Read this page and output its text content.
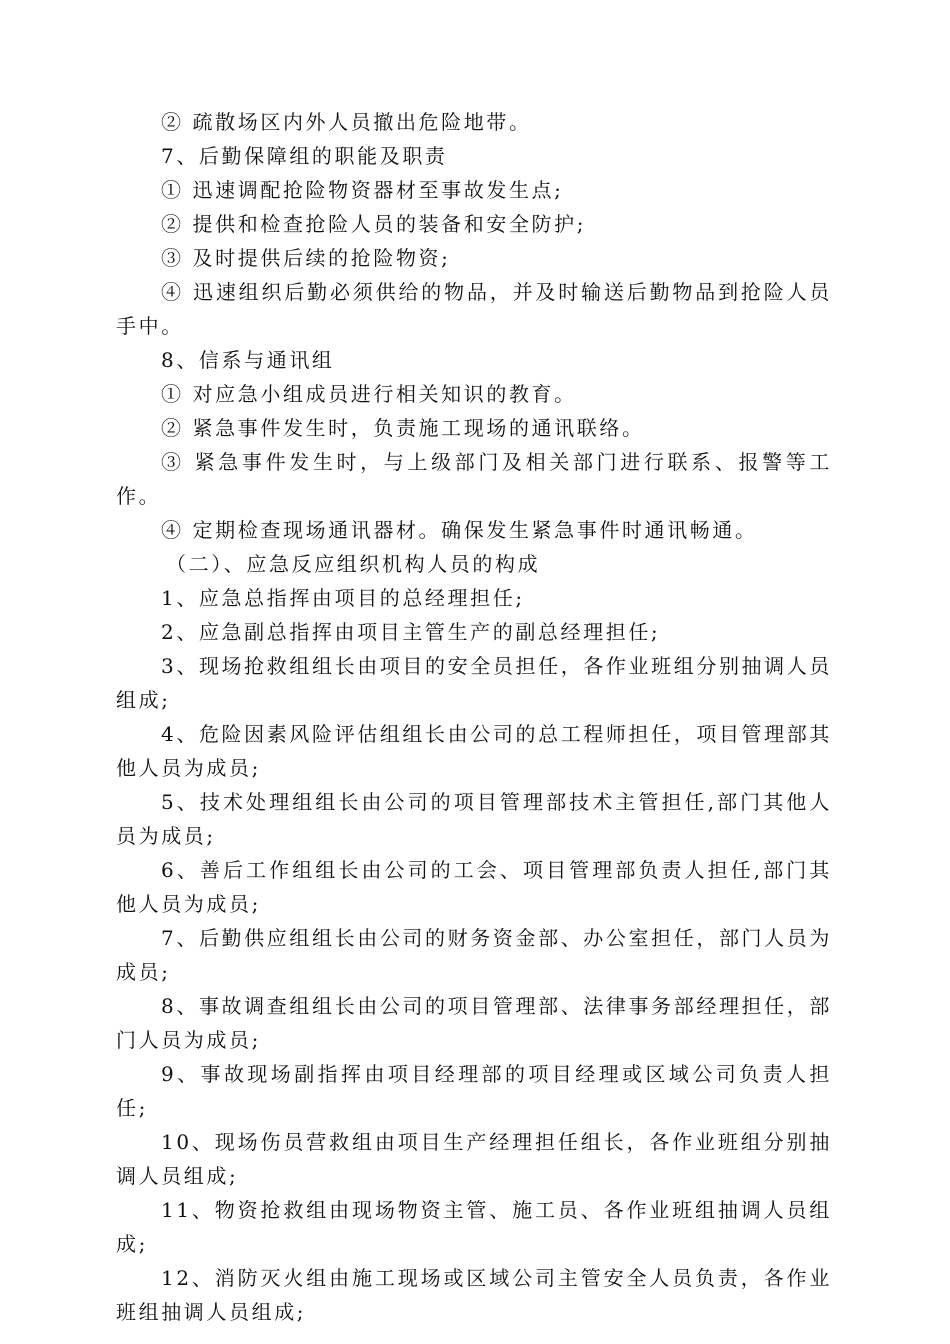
② 疏散场区内外人员撤出危险地带。

7、后勤保障组的职能及职责

① 迅速调配抢险物资器材至事故发生点;

② 提供和检查抢险人员的装备和安全防护;

③ 及时提供后续的抢险物资;

④ 迅速组织后勤必须供给的物品，并及时输送后勤物品到抢险人员手中。

8、信系与通讯组

① 对应急小组成员进行相关知识的教育。

② 紧急事件发生时，负责施工现场的通讯联络。

③ 紧急事件发生时，与上级部门及相关部门进行联系、报警等工作。

④ 定期检查现场通讯器材。确保发生紧急事件时通讯畅通。

（二）、应急反应组织机构人员的构成

1、应急总指挥由项目的总经理担任;

2、应急副总指挥由项目主管生产的副总经理担任;

3、现场抢救组组长由项目的安全员担任，各作业班组分别抽调人员组成;

4、危险因素风险评估组组长由公司的总工程师担任，项目管理部其他人员为成员;

5、技术处理组组长由公司的项目管理部技术主管担任,部门其他人员为成员;

6、善后工作组组长由公司的工会、项目管理部负责人担任,部门其他人员为成员;

7、后勤供应组组长由公司的财务资金部、办公室担任，部门人员为成员;

8、事故调查组组长由公司的项目管理部、法律事务部经理担任，部门人员为成员;

9、事故现场副指挥由项目经理部的项目经理或区域公司负责人担任;

10、现场伤员营救组由项目生产经理担任组长，各作业班组分别抽调人员组成;

11、物资抢救组由现场物资主管、施工员、各作业班组抽调人员组成;

12、消防灭火组由施工现场或区域公司主管安全人员负责，各作业班组抽调人员组成;
